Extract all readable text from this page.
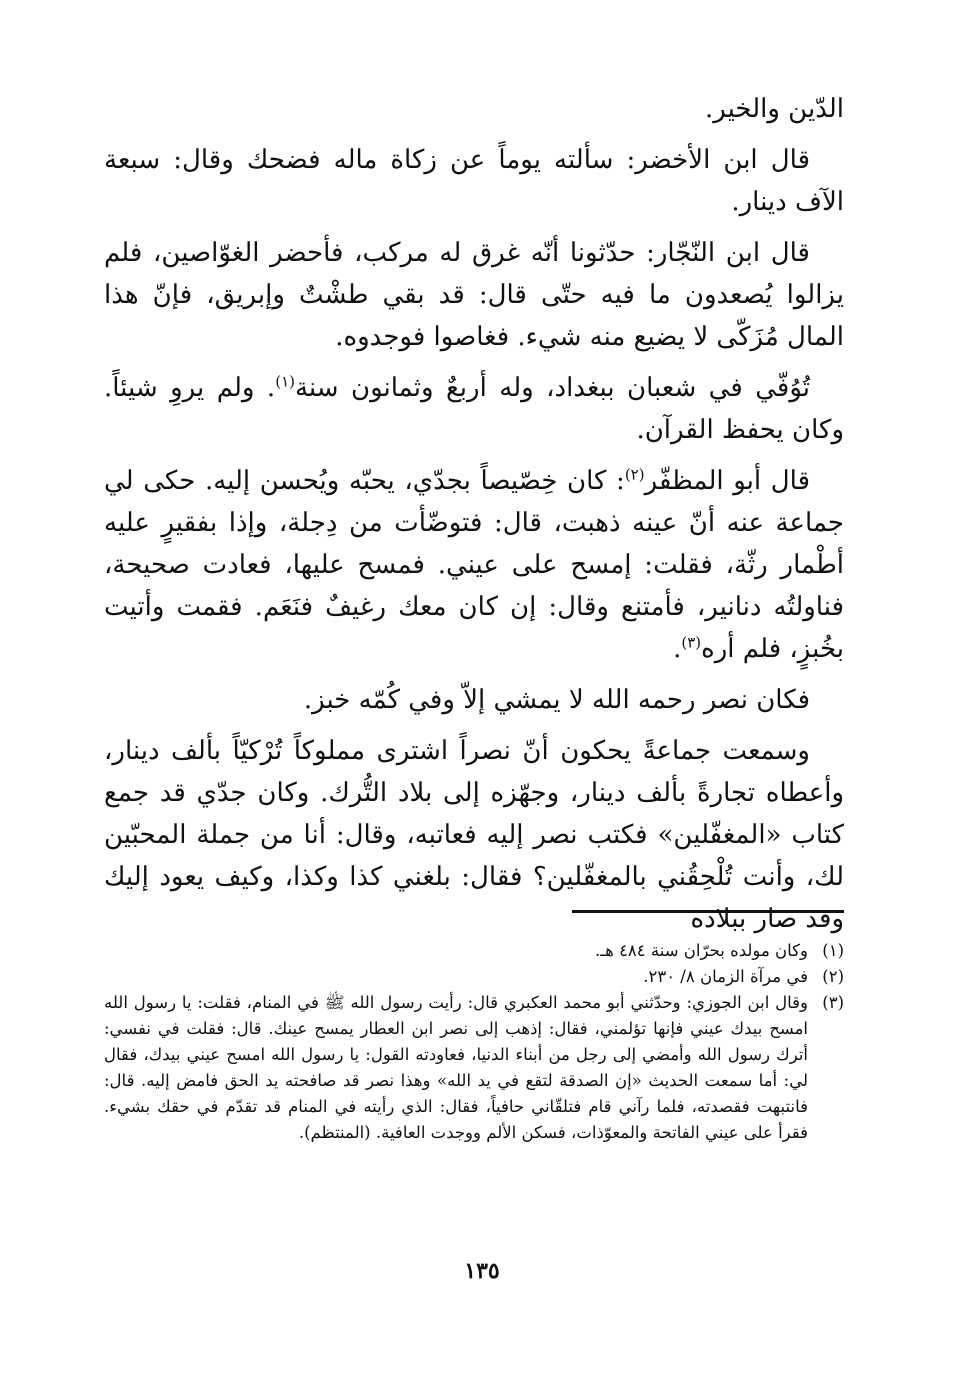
الدّين والخير.

قال ابن الأخضر: سألته يوماً عن زكاة ماله فضحك وقال: سبعة الآف دينار.

قال ابن النّجّار: حدّثونا أنّه غرق له مركب، فأحضر الغوّاصين، فلم يزالوا يُصعدون ما فيه حتّى قال: قد بقي طشْتٌ وإبريق، فإنّ هذا المال مُزَكّى لا يضيع منه شيء. فغاصوا فوجدوه.

تُوُفّي في شعبان ببغداد، وله أربعٌ وثمانون سنة$^{(١)}$. ولم يروِ شيئاً. وكان يحفظ القرآن.

قال أبو المظفّر$^{(٢)}$: كان خِصّيصاً بجدّي، يحبّه ويُحسن إليه. حكى لي جماعة عنه أنّ عينه ذهبت، قال: فتوضّأت من دِجلة، وإذا بفقيرٍ عليه أطْمار رثّة، فقلت: إمسح على عيني. فمسح عليها، فعادت صحيحة، فناولتُه دنانير، فأمتنع وقال: إن كان معك رغيفٌ فنَعَم. فقمت وأتيت بخُبزٍ، فلم أره$^{(٣)}$.

فكان نصر رحمه الله لا يمشي إلاّ وفي كُمّه خبز.

وسمعت جماعةً يحكون أنّ نصراً اشترى مملوكاً تُرْكيّاً بألف دينار، وأعطاه تجارةً بألف دينار، وجهّزه إلى بلاد التُّرك. وكان جدّي قد جمع كتاب «المغفّلين» فكتب نصر إليه فعاتبه، وقال: أنا من جملة المحبّين لك، وأنت تُلْحِقُني بالمغفّلين؟ فقال: بلغني كذا وكذا، وكيف يعود إليك وقد صار ببلاده

(١)
وكان مولده بحرّان سنة ٤٨٤ هـ.
(٢)
في مرآة الزمان ٨/ ٢٣٠.
(٣)
وقال ابن الجوزي: وحدّثني أبو محمد العكبري قال: رأيت رسول الله ﷺ في المنام، فقلت: يا رسول الله امسح بيدك عيني فإنها تؤلمني، فقال: إذهب إلى نصر ابن العطار يمسح عينك. قال: فقلت في نفسي: أترك رسول الله وأمضي إلى رجل من أبناء الدنيا، فعاودته القول: يا رسول الله امسح عيني بيدك، فقال لي: أما سمعت الحديث «إن الصدقة لتقع في يد الله» وهذا نصر قد صافحته يد الحق فامض إليه. قال: فانتبهت فقصدته، فلما رآني قام فتلقّاني حافياً، فقال: الذي رأيته في المنام قد تقدّم في حقك بشيء. فقرأ على عيني الفاتحة والمعوّذات، فسكن الألم ووجدت العافية. (المنتظم).
١٣٥
